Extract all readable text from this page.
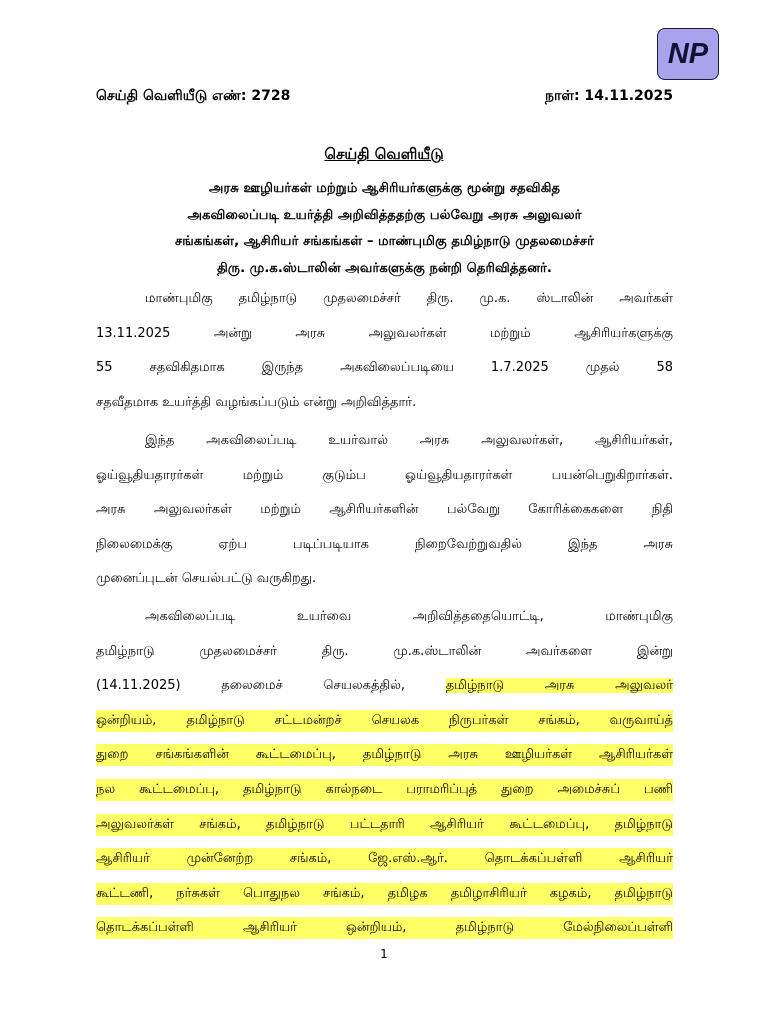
NP
செய்தி வெளியீடு எண்: 2728	நாள்: 14.11.2025
செய்தி வெளியீடு
அரசு ஊழியர்கள் மற்றும் ஆசிரியர்களுக்கு மூன்று சதவிகித
அகவிலைப்படி உயர்த்தி அறிவித்ததற்கு பல்வேறு அரசு அலுவலர்
சங்கங்கள், ஆசிரியர் சங்கங்கள் – மாண்புமிகு தமிழ்நாடு முதலமைச்சர்
திரு. மு.க.ஸ்டாலின் அவர்களுக்கு நன்றி தெரிவித்தனர்.
மாண்புமிகு தமிழ்நாடு முதலமைச்சர் திரு. மு.க. ஸ்டாலின் அவர்கள்
13.11.2025 அன்று அரசு அலுவலர்கள் மற்றும் ஆசிரியர்களுக்கு
55 சதவிகிதமாக இருந்த அகவிலைப்படியை 1.7.2025 முதல் 58
சதவீதமாக உயர்த்தி வழங்கப்படும் என்று அறிவித்தார்.
இந்த அகவிலைப்படி உயர்வால் அரசு அலுவலர்கள், ஆசிரியர்கள்,
ஓய்வூதியதாரர்கள் மற்றும் குடும்ப ஓய்வூதியதாரர்கள் பயன்பெறுகிறார்கள்.
அரசு அலுவலர்கள் மற்றும் ஆசிரியர்களின் பல்வேறு கோரிக்கைகளை நிதி
நிலைமைக்கு ஏற்ப படிப்படியாக நிறைவேற்றுவதில் இந்த அரசு
முனைப்புடன் செயல்பட்டு வருகிறது.
அகவிலைப்படி உயர்வை அறிவித்ததையொட்டி, மாண்புமிகு
தமிழ்நாடு முதலமைச்சர் திரு. மு.க.ஸ்டாலின் அவர்களை இன்று
(14.11.2025) தலைமைச் செயலகத்தில், தமிழ்நாடு அரசு அலுவலர்
ஒன்றியம், தமிழ்நாடு சட்டமன்றச் செயலக நிருபர்கள் சங்கம், வருவாய்த்
துறை சங்கங்களின் கூட்டமைப்பு, தமிழ்நாடு அரசு ஊழியர்கள் ஆசிரியர்கள்
நல கூட்டமைப்பு, தமிழ்நாடு கால்நடை பராமரிப்புத் துறை அமைச்சுப் பணி
அலுவலர்கள் சங்கம், தமிழ்நாடு பட்டதாரி ஆசிரியர் கூட்டமைப்பு, தமிழ்நாடு
ஆசிரியர் முன்னேற்ற சங்கம், ஜே.எஸ்.ஆர். தொடக்கப்பள்ளி ஆசிரியர்
கூட்டணி, நர்சுகள் பொதுநல சங்கம், தமிழக தமிழாசிரியர் கழகம், தமிழ்நாடு
தொடக்கப்பள்ளி ஆசிரியர் ஒன்றியம், தமிழ்நாடு மேல்நிலைப்பள்ளி
1
